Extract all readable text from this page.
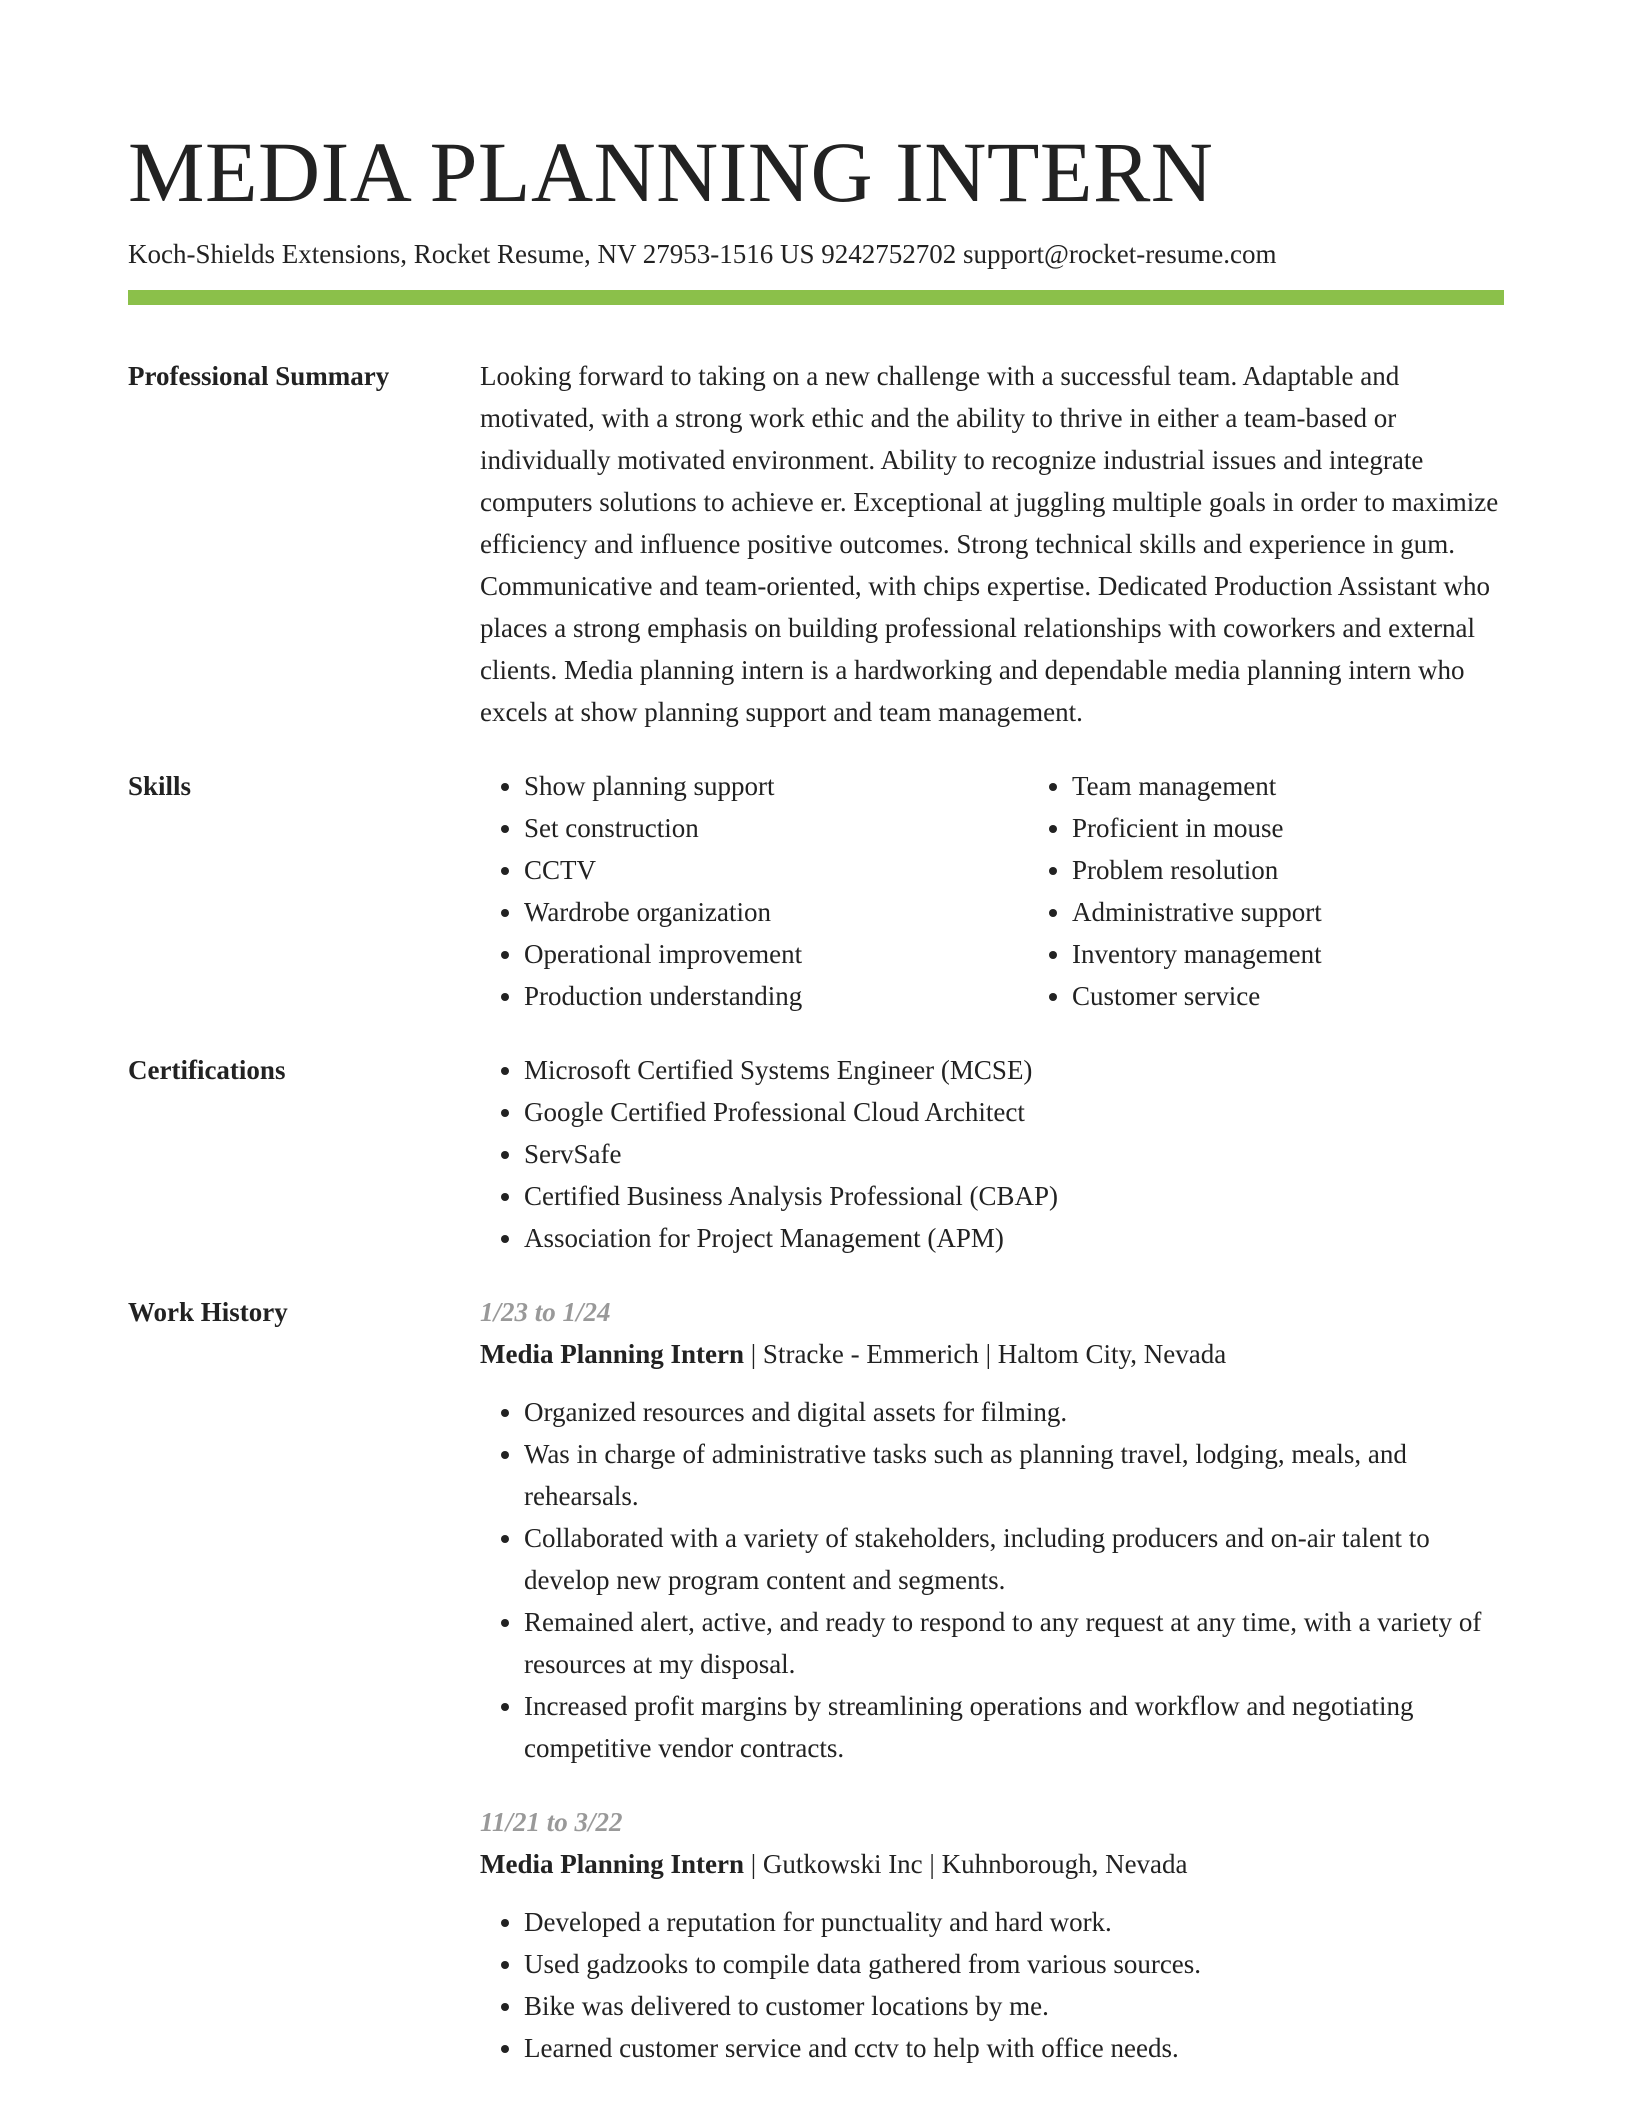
MEDIA PLANNING INTERN
Koch-Shields Extensions, Rocket Resume, NV 27953-1516 US 9242752702 support@rocket-resume.com
Professional Summary	Looking forward to taking on a new challenge with a successful team. Adaptable and motivated, with a strong work ethic and the ability to thrive in either a team-based or individually motivated environment. Ability to recognize industrial issues and integrate computers solutions to achieve er. Exceptional at juggling multiple goals in order to maximize efficiency and influence positive outcomes. Strong technical skills and experience in gum. Communicative and team-oriented, with chips expertise. Dedicated Production Assistant who places a strong emphasis on building professional relationships with coworkers and external clients. Media planning intern is a hardworking and dependable media planning intern who excels at show planning support and team management.

Skills	• Show planning support
• Set construction
• CCTV
• Wardrobe organization
• Operational improvement
• Production understanding
• Team management
• Proficient in mouse
• Problem resolution
• Administrative support
• Inventory management
• Customer service
Certifications	• Microsoft Certified Systems Engineer (MCSE)
• Google Certified Professional Cloud Architect
• ServSafe
• Certified Business Analysis Professional (CBAP)
• Association for Project Management (APM)
Work History	1/23 to 1/24
Media Planning Intern | Stracke - Emmerich | Haltom City, Nevada
• Organized resources and digital assets for filming.
• Was in charge of administrative tasks such as planning travel, lodging, meals, and rehearsals.
• Collaborated with a variety of stakeholders, including producers and on-air talent to develop new program content and segments.
• Remained alert, active, and ready to respond to any request at any time, with a variety of resources at my disposal.
• Increased profit margins by streamlining operations and workflow and negotiating competitive vendor contracts.
11/21 to 3/22
Media Planning Intern | Gutkowski Inc | Kuhnborough, Nevada
• Developed a reputation for punctuality and hard work.
• Used gadzooks to compile data gathered from various sources.
• Bike was delivered to customer locations by me.
• Learned customer service and cctv to help with office needs.
